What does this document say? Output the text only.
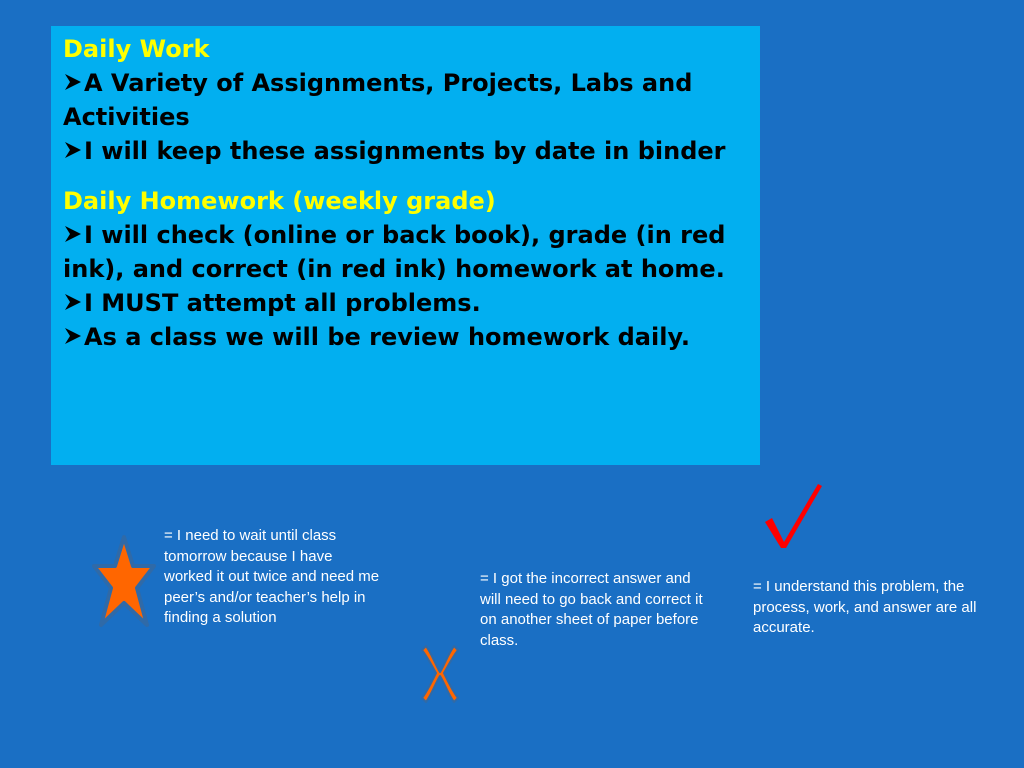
Daily Work
A Variety of Assignments, Projects, Labs and Activities
I will keep these assignments by date in binder
Daily Homework (weekly grade)
I will check (online or back book), grade (in red ink), and correct (in red ink) homework at home.
I MUST attempt all problems.
As a class we will be review homework daily.
= I need to wait until class tomorrow because I have worked it out twice and need me peer’s and/or teacher’s help in finding a solution
= I got the incorrect answer and will need to go back and correct it on another sheet of paper before class.
= I understand this problem, the process, work, and answer are all accurate.
